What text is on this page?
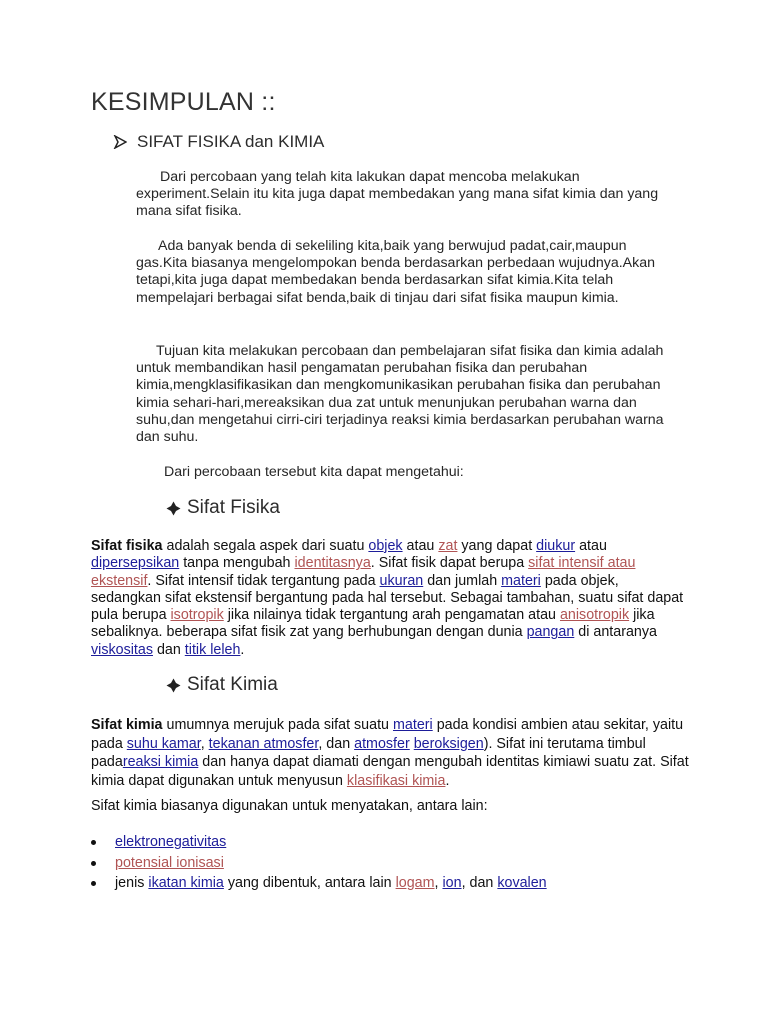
KESIMPULAN ::
SIFAT FISIKA dan KIMIA

Dari percobaan yang telah kita lakukan dapat mencoba melakukan experiment.Selain itu kita juga dapat membedakan yang mana sifat kimia dan yang mana sifat fisika.

Ada banyak benda di sekeliling kita,baik yang berwujud padat,cair,maupun gas.Kita biasanya mengelompokan benda berdasarkan perbedaan wujudnya.Akan tetapi,kita juga dapat membedakan benda berdasarkan sifat kimia.Kita telah mempelajari berbagai sifat benda,baik di tinjau dari sifat fisika maupun kimia.

Tujuan kita melakukan percobaan dan pembelajaran sifat fisika dan kimia adalah untuk membandikan hasil pengamatan perubahan fisika dan perubahan kimia,mengklasifikasikan dan mengkomunikasikan perubahan fisika dan perubahan kimia sehari-hari,mereaksikan dua zat untuk menunjukan perubahan warna dan suhu,dan mengetahui cirri-ciri terjadinya reaksi kimia berdasarkan perubahan warna dan suhu.

Dari percobaan tersebut kita dapat mengetahui:
Sifat Fisika

Sifat fisika adalah segala aspek dari suatu objek atau zat yang dapat diukur atau dipersepsikan tanpa mengubah identitasnya. Sifat fisik dapat berupa sifat intensif atau ekstensif. Sifat intensif tidak tergantung pada ukuran dan jumlah materi pada objek, sedangkan sifat ekstensif bergantung pada hal tersebut. Sebagai tambahan, suatu sifat dapat pula berupa isotropik jika nilainya tidak tergantung arah pengamatan atau anisotropik jika sebaliknya. beberapa sifat fisik zat yang berhubungan dengan dunia pangan di antaranya viskositas dan titik leleh.

Sifat Kimia

Sifat kimia umumnya merujuk pada sifat suatu materi pada kondisi ambien atau sekitar, yaitu pada suhu kamar, tekanan atmosfer, dan atmosfer beroksigen). Sifat ini terutama timbul padareaksi kimia dan hanya dapat diamati dengan mengubah identitas kimiawi suatu zat. Sifat kimia dapat digunakan untuk menyusun klasifikasi kimia.

Sifat kimia biasanya digunakan untuk menyatakan, antara lain:

elektronegativitas
potensial ionisasi
jenis ikatan kimia yang dibentuk, antara lain logam, ion, dan kovalen
